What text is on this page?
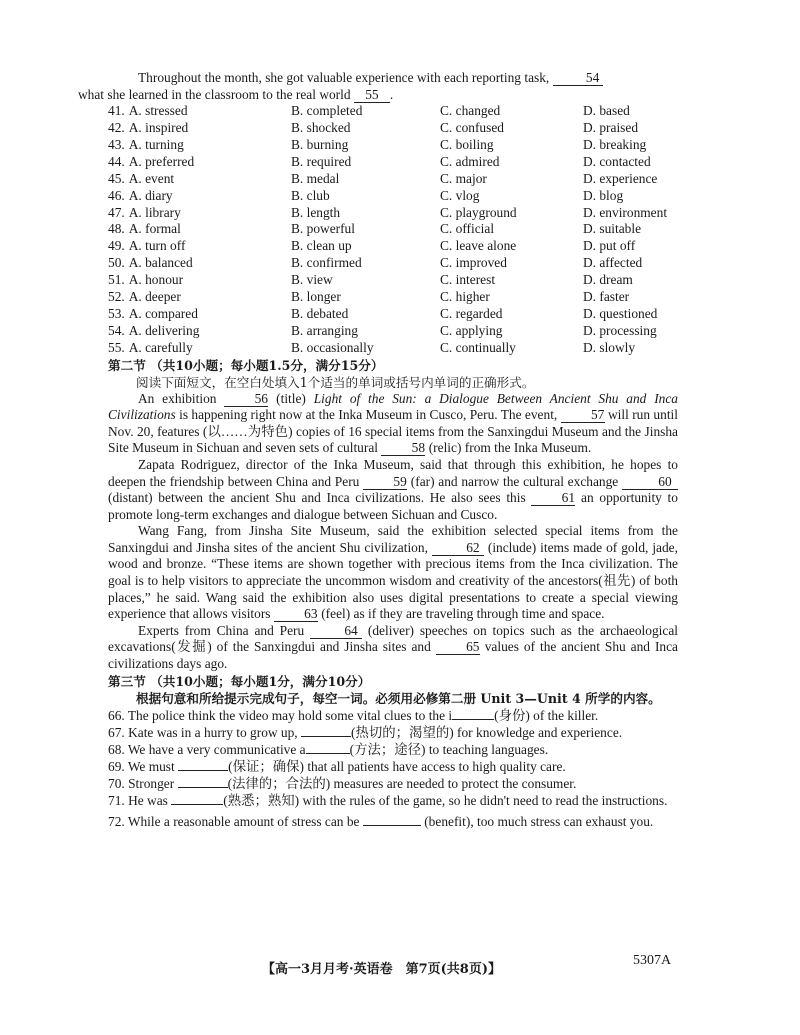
Throughout the month, she got valuable experience with each reporting task,	54
what she learned in the classroom to the real world 55 .

41. A. stressed	B. completed	C. changed	D. based
42. A. inspired	B. shocked	C. confused	D. praised
43. A. turning	B. burning	C. boiling	D. breaking
44. A. preferred	B. required	C. admired	D. contacted
45. A. event	B. medal	C. major	D. experience
46. A. diary	B. club	C. vlog	D. blog
47. A. library	B. length	C. playground	D. environment
48. A. formal	B. powerful	C. official	D. suitable
49. A. turn off	B. clean up	C. leave alone	D. put off
50. A. balanced	B. confirmed	C. improved	D. affected
51. A. honour	B. view	C. interest	D. dream
52. A. deeper	B. longer	C. higher	D. faster
53. A. compared	B. debated	C. regarded	D. questioned
54. A. delivering	B. arranging	C. applying	D. processing
55. A. carefully	B. occasionally	C. continually	D. slowly
第二节 （共10小题；每小题1.5分，满分15分）
阅读下面短文，在空白处填入1个适当的单词或括号内单词的正确形式。

An exhibition	56 (title) Light of the Sun: a Dialogue Between Ancient Shu and Inca Civilizations is happening right now at the Inka Museum in Cusco, Peru. The event,	57 will run until Nov. 20, features (以……为特色) copies of 16 special items from the Sanxingdui Museum and the Jinsha Site Museum in Sichuan and seven sets of cultural	58 (relic) from the Inka Museum.

Zapata Rodriguez, director of the Inka Museum, said that through this exhibition, he hopes to deepen the friendship between China and Peru	59 (far) and narrow the cultural exchange	60 (distant) between the ancient Shu and Inca civilizations. He also sees this	61 an opportunity to promote long-term exchanges and dialogue between Sichuan and Cusco.

Wang Fang, from Jinsha Site Museum, said the exhibition selected special items from the Sanxingdui and Jinsha sites of the ancient Shu civilization,	62 (include) items made of gold, jade, wood and bronze. “These items are shown together with precious items from the Inca civilization. The goal is to help visitors to appreciate the uncommon wisdom and creativity of the ancestors(祖先) of both places,” he said. Wang said the exhibition also uses digital presentations to create a special viewing experience that allows visitors	63 (feel) as if they are traveling through time and space.

Experts from China and Peru	64 (deliver) speeches on topics such as the archaeological excavations(发掘) of the Sanxingdui and Jinsha sites and	65 values of the ancient Shu and Inca civilizations days ago.

第三节 （共10小题；每小题1分，满分10分）
根据句意和所给提示完成句子，每空一词。必须用必修第二册 Unit 3—Unit 4 所学的内容。

66. The police think the video may hold some vital clues to the i	(身份) of the killer.

67. Kate was in a hurry to grow up,	(热切的；渴望的) for knowledge and experience.

68. We have a very communicative a	(方法；途径) to teaching languages.

69. We must	(保证；确保) that all patients have access to high quality care.

70. Stronger	(法律的；合法的) measures are needed to protect the consumer.

71. He was	(熟悉；熟知) with the rules of the game, so he didn't need to read the instructions.

72. While a reasonable amount of stress can be	(benefit), too much stress can exhaust you.

【高一3月月考·英语卷　第7页(共8页)】
5307A
